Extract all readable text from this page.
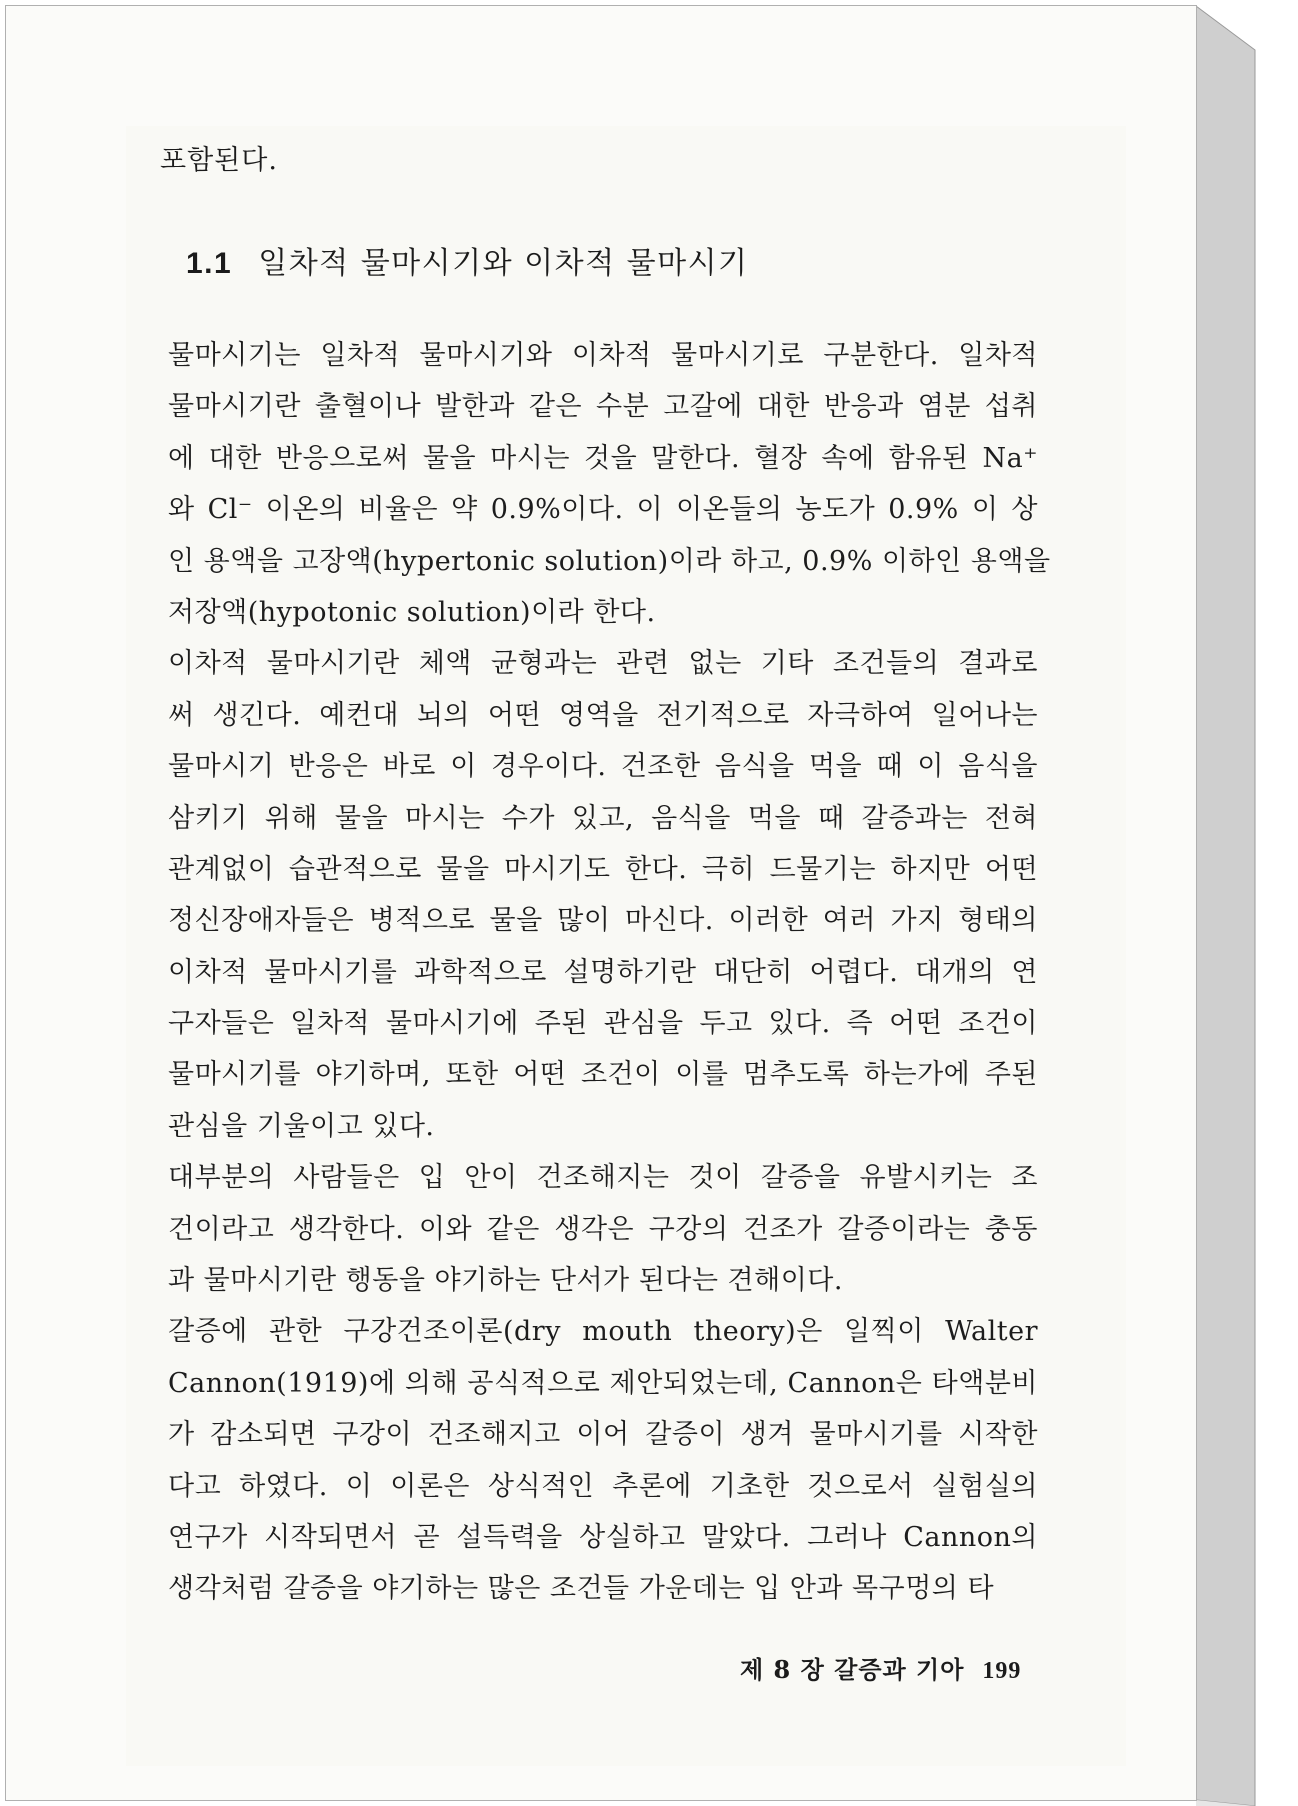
포함된다.

1.1 일차적 물마시기와 이차적 물마시기

물마시기는 일차적 물마시기와 이차적 물마시기로 구분한다. 일차적
물마시기란 출혈이나 발한과 같은 수분 고갈에 대한 반응과 염분 섭취
에 대한 반응으로써 물을 마시는 것을 말한다. 혈장 속에 함유된 Na⁺
와 Cl⁻ 이온의 비율은 약 0.9%이다. 이 이온들의 농도가 0.9% 이 상
인 용액을 고장액(hypertonic solution)이라 하고, 0.9% 이하인 용액을
저장액(hypotonic solution)이라 한다.

이차적 물마시기란 체액 균형과는 관련 없는 기타 조건들의 결과로
써 생긴다. 예컨대 뇌의 어떤 영역을 전기적으로 자극하여 일어나는
물마시기 반응은 바로 이 경우이다. 건조한 음식을 먹을 때 이 음식을
삼키기 위해 물을 마시는 수가 있고, 음식을 먹을 때 갈증과는 전혀
관계없이 습관적으로 물을 마시기도 한다. 극히 드물기는 하지만 어떤
정신장애자들은 병적으로 물을 많이 마신다. 이러한 여러 가지 형태의
이차적 물마시기를 과학적으로 설명하기란 대단히 어렵다. 대개의 연
구자들은 일차적 물마시기에 주된 관심을 두고 있다. 즉 어떤 조건이
물마시기를 야기하며, 또한 어떤 조건이 이를 멈추도록 하는가에 주된
관심을 기울이고 있다.

대부분의 사람들은 입 안이 건조해지는 것이 갈증을 유발시키는 조
건이라고 생각한다. 이와 같은 생각은 구강의 건조가 갈증이라는 충동
과 물마시기란 행동을 야기하는 단서가 된다는 견해이다.

갈증에 관한 구강건조이론(dry mouth theory)은 일찍이 Walter
Cannon(1919)에 의해 공식적으로 제안되었는데, Cannon은 타액분비
가 감소되면 구강이 건조해지고 이어 갈증이 생겨 물마시기를 시작한
다고 하였다. 이 이론은 상식적인 추론에 기초한 것으로서 실험실의
연구가 시작되면서 곧 설득력을 상실하고 말았다. 그러나 Cannon의
생각처럼 갈증을 야기하는 많은 조건들 가운데는 입 안과 목구멍의 타

제 8 장 갈증과 기아 199
